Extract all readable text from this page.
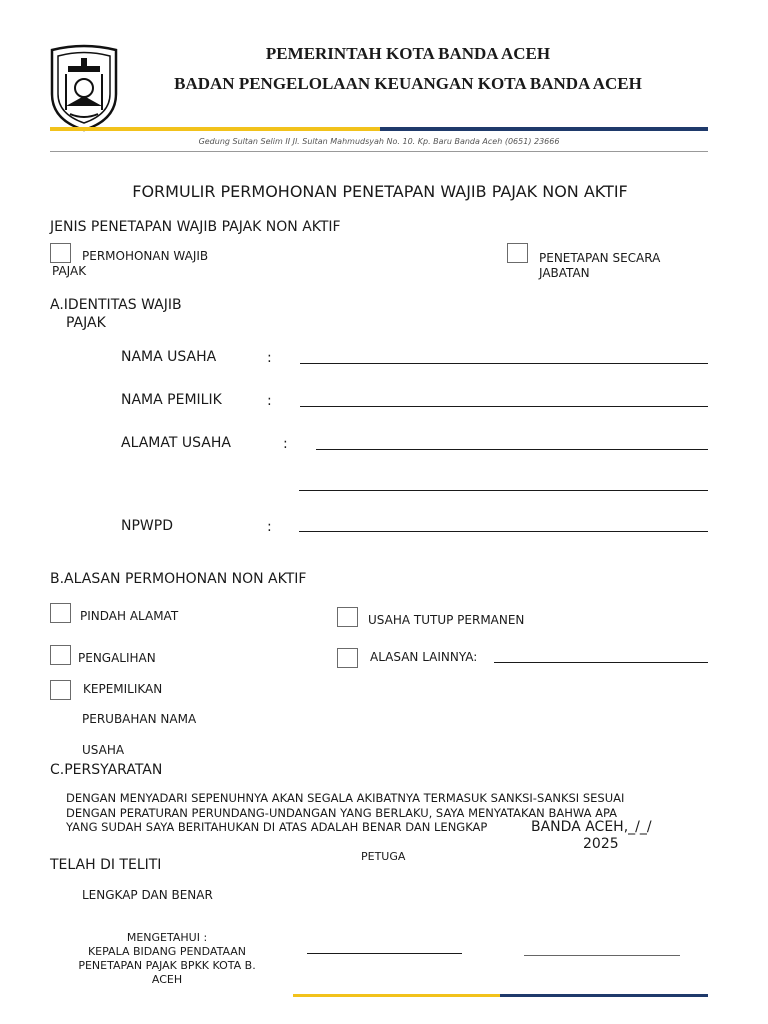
PEMERINTAH KOTA BANDA ACEH
BADAN PENGELOLAAN KEUANGAN KOTA BANDA ACEH
Gedung Sultan Selim II Jl. Sultan Mahmudsyah No. 10. Kp. Baru Banda Aceh (0651) 23666
FORMULIR PERMOHONAN PENETAPAN WAJIB PAJAK NON AKTIF
JENIS PENETAPAN WAJIB PAJAK NON AKTIF
PERMOHONAN WAJIB
PAJAK
PENETAPAN SECARA
JABATAN
A.IDENTITAS WAJIB
PAJAK
NAMA USAHA	:
NAMA PEMILIK	:
ALAMAT USAHA	:
NPWPD	:
B.ALASAN PERMOHONAN NON AKTIF
PINDAH ALAMAT	USAHA TUTUP PERMANEN
PENGALIHAN	ALASAN LAINNYA:
KEPEMILIKAN
PERUBAHAN NAMA
USAHA
C.PERSYARATAN
DENGAN MENYADARI SEPENUHNYA AKAN SEGALA AKIBATNYA TERMASUK SANKSI-SANKSI SESUAI
DENGAN PERATURAN PERUNDANG-UNDANGAN YANG BERLAKU, SAYA MENYATAKAN BAHWA APA
YANG SUDAH SAYA BERITAHUKAN DI ATAS ADALAH BENAR DAN LENGKAP	BANDA ACEH,_/_/
2025
TELAH DI TELITI
PETUGA
LENGKAP DAN BENAR
MENGETAHUI :
KEPALA BIDANG PENDATAAN
PENETAPAN PAJAK BPKK KOTA B.
ACEH
